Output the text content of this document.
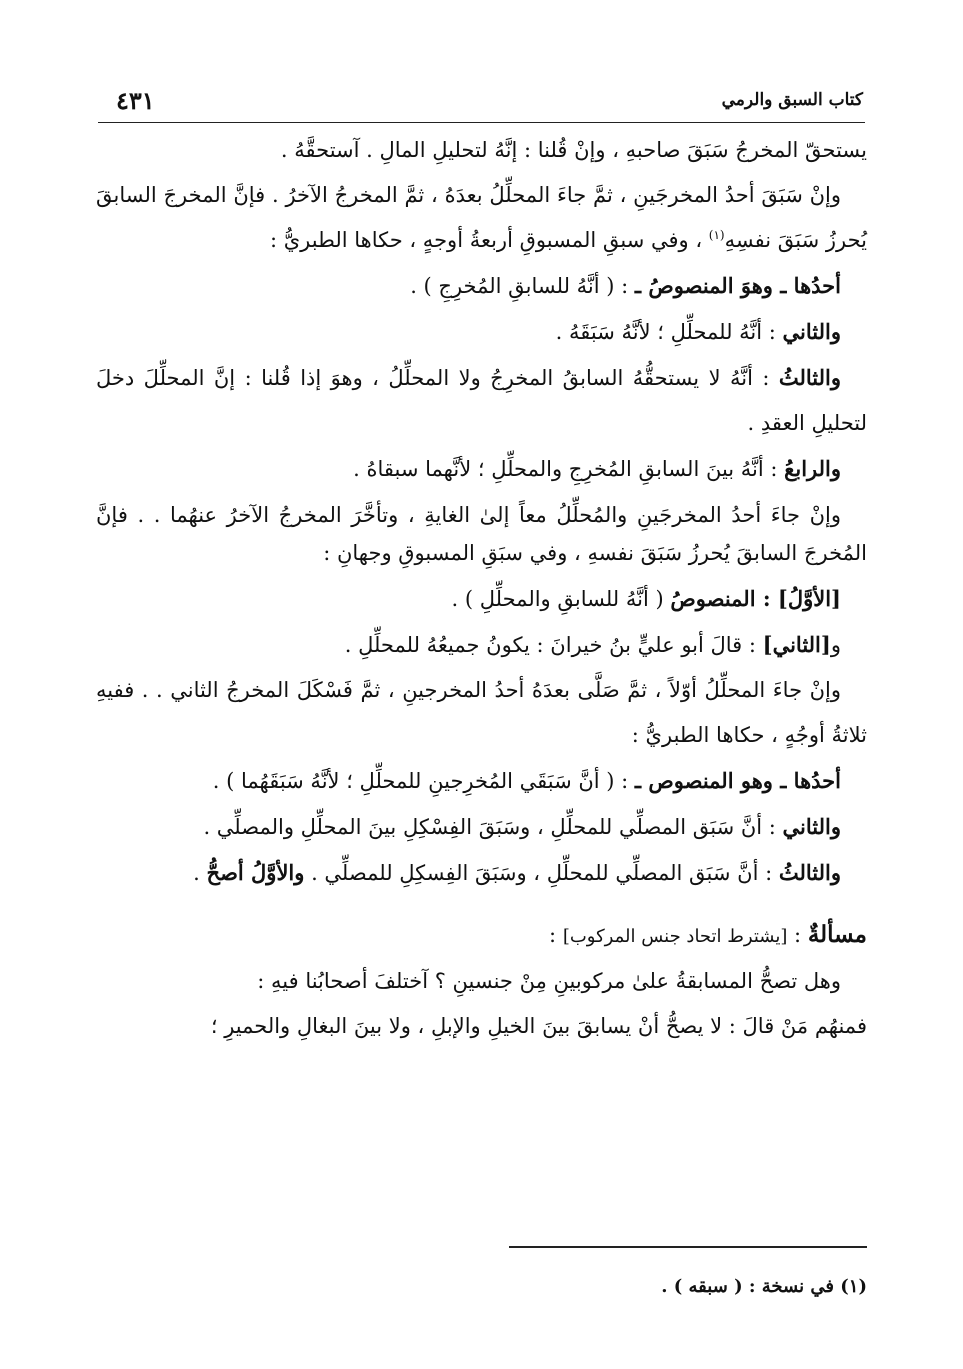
٤٣١	كتاب السبق والرمي

يستحقّ المخرجُ سَبَقَ صاحبهِ ، وإنْ قُلنا : إنَّهُ لتحليلِ المالِ . آستحقَّهُ .

وإنْ سَبَقَ أحدُ المخرجَينِ ، ثمَّ جاءَ المحلِّلُ بعدَهُ ، ثمَّ المخرجُ الآخرُ . فإنَّ المخرجَ السابقَ يُحرزُ سَبَقَ نفسِهِ$^{(١)}$ ، وفي سبقِ المسبوقِ أربعةُ أوجهٍ ، حكاها الطبريُّ :

أحدُها ـ وهوَ المنصوصُ ـ : ( أنَّهُ للسابقِ المُخرِجِ ) .

والثاني : أنَّهُ للمحلِّلِ ؛ لأنَّهُ سَبَقَهُ .

والثالثُ : أنَّهُ لا يستحقُّهُ السابقُ المخرِجُ ولا المحلِّلُ ، وهوَ إذا قُلنا : إنَّ المحلِّلَ دخلَ لتحليلِ العقدِ .

والرابعُ : أنَّهُ بينَ السابقِ المُخرِجِ والمحلِّلِ ؛ لأنَّهما سبقاهُ .

وإنْ جاءَ أحدُ المخرجَينِ والمُحلِّلُ معاً إلىٰ الغايةِ ، وتأخَّرَ المخرجُ الآخرُ عنهُما . . فإنَّ المُخرجَ السابقَ يُحرزُ سَبَقَ نفسهِ ، وفي سبَقِ المسبوقِ وجهانِ :

[الأوَّلُ] : المنصوصُ ( أنَّهُ للسابقِ والمحلِّلِ ) .

و[الثاني] : قالَ أبو عليٍّ بنُ خيرانَ : يكونُ جميعُهُ للمحلِّلِ .

وإنْ جاءَ المحلِّلُ أوّلاً ، ثمَّ صَلَّى بعدَهُ أحدُ المخرجينِ ، ثمَّ فَسْكَلَ المخرجُ الثاني . . ففيهِ ثلاثةُ أوجُهٍ ، حكاها الطبريُّ :

أحدُها ـ وهو المنصوص ـ : ( أنَّ سَبَقَي المُخرِجينِ للمحلِّلِ ؛ لأنَّهُ سَبَقَهُما ) .

والثاني : أنَّ سَبَق المصلِّي للمحلِّلِ ، وسَبَقَ الفِسْكِلِ بينَ المحلِّلِ والمصلِّي .

والثالثُ : أنَّ سَبَق المصلِّي للمحلِّلِ ، وسَبَقَ الفِسكِلِ للمصلِّي . والأوَّلُ أصحُّ .

مسألةٌ : [يشترط اتحاد جنس المركوب] :

وهل تصحُّ المسابقةُ علىٰ مركوبينِ مِنْ جنسينِ ؟ آختلفَ أصحابُنا فيهِ :

فمنهُم مَنْ قالَ : لا يصحُّ أنْ يسابقَ بينَ الخيلِ والإبلِ ، ولا بينَ البغالِ والحميرِ ؛

(١) في نسخة : ( سبقه ) .
